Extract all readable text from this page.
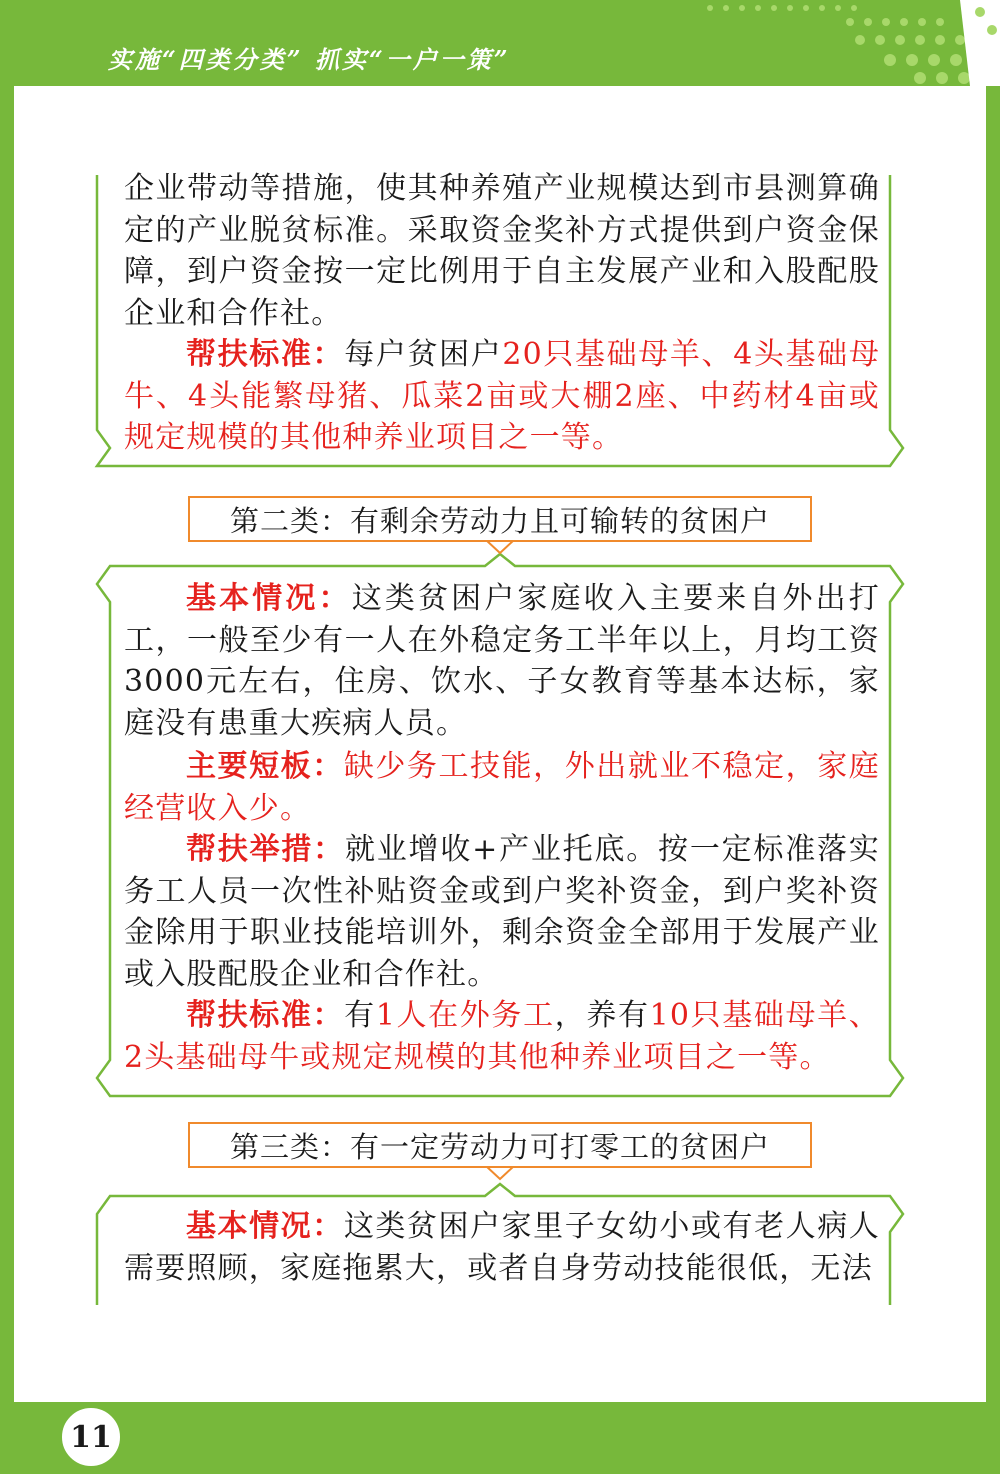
实施“四类分类” 抓实“一户一策”

企业带动等措施，使其种养殖产业规模达到市县测算确定的产业脱贫标准。采取资金奖补方式提供到户资金保障，到户资金按一定比例用于自主发展产业和入股配股企业和合作社。

帮扶标准：每户贫困户20只基础母羊、4头基础母牛、4头能繁母猪、瓜菜2亩或大棚2座、中药材4亩或规定规模的其他种养业项目之一等。

第二类：有剩余劳动力且可输转的贫困户

基本情况：这类贫困户家庭收入主要来自外出打工，一般至少有一人在外稳定务工半年以上，月均工资3000元左右，住房、饮水、子女教育等基本达标，家庭没有患重大疾病人员。

主要短板：缺少务工技能，外出就业不稳定，家庭经营收入少。

帮扶举措：就业增收+产业托底。按一定标准落实务工人员一次性补贴资金或到户奖补资金，到户奖补资金除用于职业技能培训外，剩余资金全部用于发展产业或入股配股企业和合作社。

帮扶标准：有1人在外务工，养有10只基础母羊、2头基础母牛或规定规模的其他种养业项目之一等。

第三类：有一定劳动力可打零工的贫困户

基本情况：这类贫困户家里子女幼小或有老人病人需要照顾，家庭拖累大，或者自身劳动技能很低，无法

11
